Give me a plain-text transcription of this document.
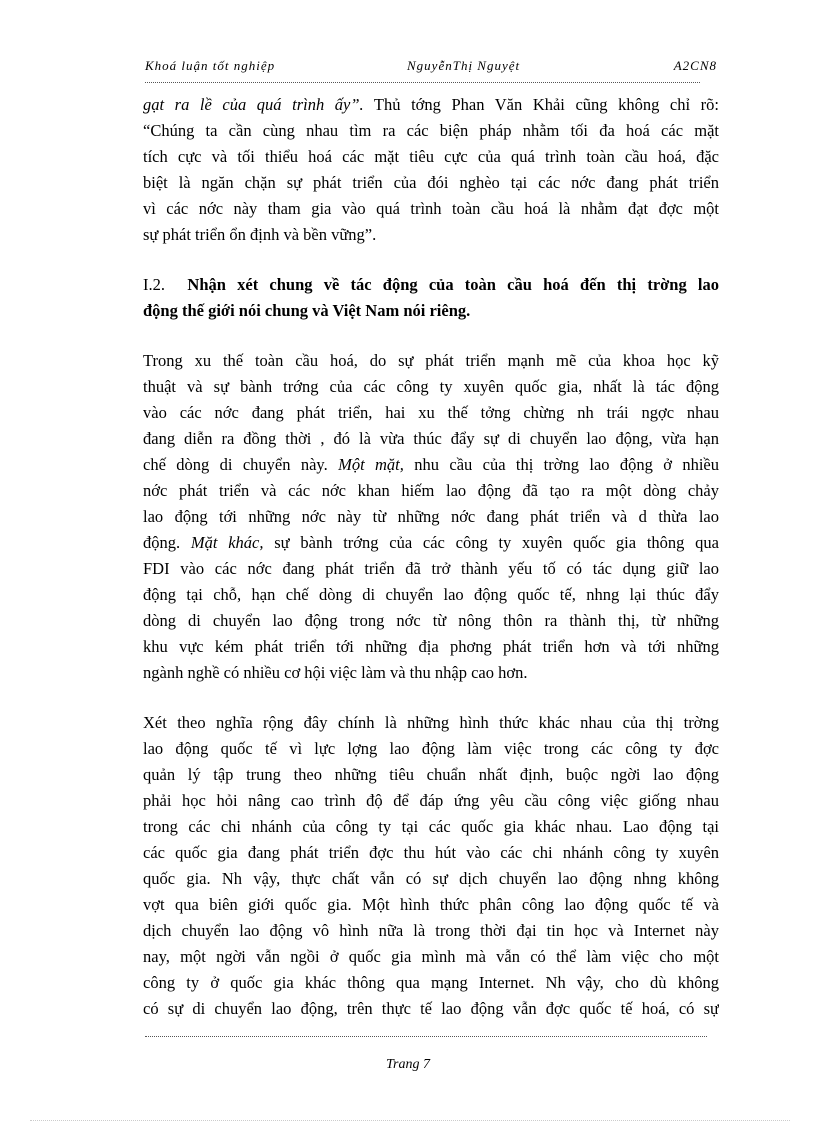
Khoá luận tốt nghiệp	NguyễnThị Nguyệt	A2CN8
gạt ra lề của quá trình ấy”. Thủ tớng Phan Văn Khải cũng không chỉ rõ:
“Chúng ta cần cùng nhau tìm ra các biện pháp nhằm tối đa hoá các mặt
tích cực và tối thiểu hoá các mặt tiêu cực của quá trình toàn cầu hoá, đặc
biệt là ngăn chặn sự phát triển của đói nghèo tại các nớc đang phát triển
vì các nớc này tham gia vào quá trình toàn cầu hoá là nhằm đạt đợc một
sự phát triển ổn định và bền vững”.
I.2. Nhận xét chung về tác động của toàn cầu hoá đến thị trờng lao
động thế giới nói chung và Việt Nam nói riêng.
Trong xu thế toàn cầu hoá, do sự phát triển mạnh mẽ của khoa học kỹ
thuật và sự bành trớng của các công ty xuyên quốc gia, nhất là tác động
vào các nớc đang phát triển, hai xu thế tởng chừng nh trái ngợc nhau
đang diễn ra đồng thời , đó là vừa thúc đẩy sự di chuyển lao động, vừa hạn
chế dòng di chuyển này. Một mặt, nhu cầu của thị trờng lao động ở nhiều
nớc phát triển và các nớc khan hiếm lao động đã tạo ra một dòng chảy
lao động tới những nớc này từ những nớc đang phát triển và d thừa lao
động. Mặt khác, sự bành trớng của các công ty xuyên quốc gia thông qua
FDI vào các nớc đang phát triển đã trở thành yếu tố có tác dụng giữ lao
động tại chỗ, hạn chế dòng di chuyển lao động quốc tế, nhng lại thúc đẩy
dòng di chuyển lao động trong nớc từ nông thôn ra thành thị, từ những
khu vực kém phát triển tới những địa phơng phát triển hơn và tới những
ngành nghề có nhiều cơ hội việc làm và thu nhập cao hơn.
Xét theo nghĩa rộng đây chính là những hình thức khác nhau của thị trờng
lao động quốc tế vì lực lợng lao động làm việc trong các công ty đợc
quản lý tập trung theo những tiêu chuẩn nhất định, buộc ngời lao động
phải học hỏi nâng cao trình độ để đáp ứng yêu cầu công việc giống nhau
trong các chi nhánh của công ty tại các quốc gia khác nhau. Lao động tại
các quốc gia đang phát triển đợc thu hút vào các chi nhánh công ty xuyên
quốc gia. Nh vậy, thực chất vẫn có sự dịch chuyển lao động nhng không
vợt qua biên giới quốc gia. Một hình thức phân công lao động quốc tế và
dịch chuyển lao động vô hình nữa là trong thời đại tin học và Internet này
nay, một ngời vẫn ngồi ở quốc gia mình mà vẫn có thể làm việc cho một
công ty ở quốc gia khác thông qua mạng Internet. Nh vậy, cho dù không
có sự di chuyển lao động, trên thực tế lao động vẫn đợc quốc tế hoá, có sự
Trang 7
